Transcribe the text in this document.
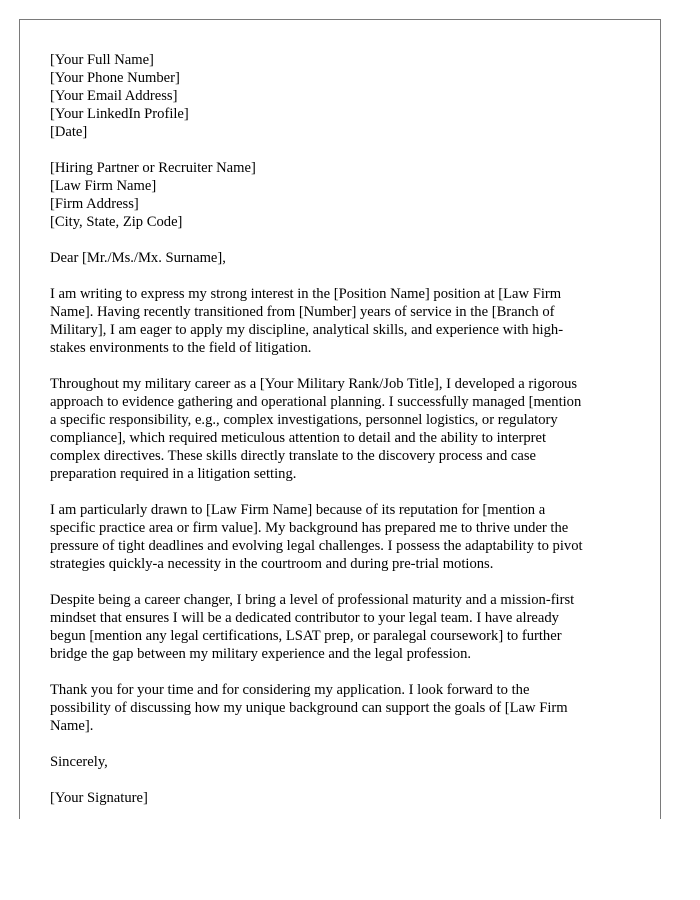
[Your Full Name]
[Your Phone Number]
[Your Email Address]
[Your LinkedIn Profile]
[Date]
[Hiring Partner or Recruiter Name]
[Law Firm Name]
[Firm Address]
[City, State, Zip Code]

Dear [Mr./Ms./Mx. Surname],

I am writing to express my strong interest in the [Position Name] position at [Law Firm
Name]. Having recently transitioned from [Number] years of service in the [Branch of
Military], I am eager to apply my discipline, analytical skills, and experience with high-
stakes environments to the field of litigation.

Throughout my military career as a [Your Military Rank/Job Title], I developed a rigorous
approach to evidence gathering and operational planning. I successfully managed [mention
a specific responsibility, e.g., complex investigations, personnel logistics, or regulatory
compliance], which required meticulous attention to detail and the ability to interpret
complex directives. These skills directly translate to the discovery process and case
preparation required in a litigation setting.

I am particularly drawn to [Law Firm Name] because of its reputation for [mention a
specific practice area or firm value]. My background has prepared me to thrive under the
pressure of tight deadlines and evolving legal challenges. I possess the adaptability to pivot
strategies quickly-a necessity in the courtroom and during pre-trial motions.

Despite being a career changer, I bring a level of professional maturity and a mission-first
mindset that ensures I will be a dedicated contributor to your legal team. I have already
begun [mention any legal certifications, LSAT prep, or paralegal coursework] to further
bridge the gap between my military experience and the legal profession.

Thank you for your time and for considering my application. I look forward to the
possibility of discussing how my unique background can support the goals of [Law Firm
Name].

Sincerely,

[Your Signature]
